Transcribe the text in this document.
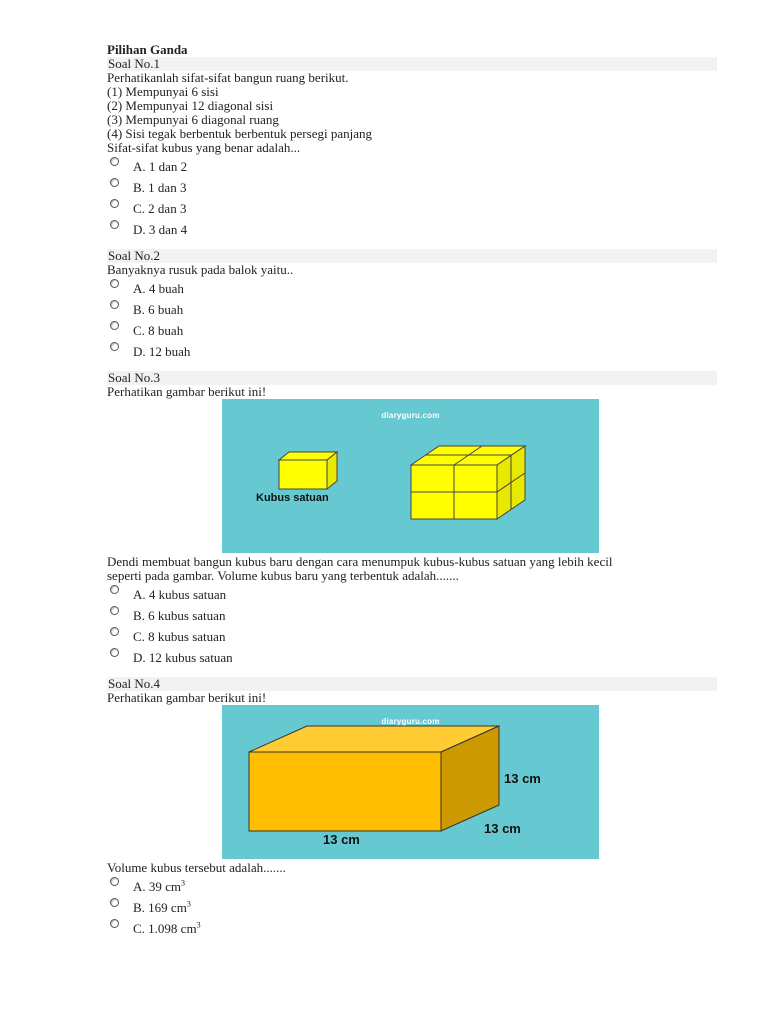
Pilihan Ganda
Soal No.1
Perhatikanlah sifat-sifat bangun ruang berikut.
(1) Mempunyai 6 sisi
(2) Mempunyai 12 diagonal sisi
(3) Mempunyai 6 diagonal ruang
(4) Sisi tegak berbentuk berbentuk persegi panjang
Sifat-sifat kubus yang benar adalah...
A. 1 dan 2
B. 1 dan 3
C. 2 dan 3
D. 3 dan 4
Soal No.2
Banyaknya rusuk pada balok yaitu..
A. 4 buah
B. 6 buah
C. 8 buah
D. 12 buah
Soal No.3
Perhatikan gambar berikut ini!
diaryguru.com
Kubus satuan
Dendi membuat bangun kubus baru dengan cara menumpuk kubus-kubus satuan yang lebih kecil
seperti pada gambar. Volume kubus baru yang terbentuk adalah.......
A. 4 kubus satuan
B. 6 kubus satuan
C. 8 kubus satuan
D. 12 kubus satuan
Soal No.4
Perhatikan gambar berikut ini!
diaryguru.com
13 cm
13 cm
13 cm
Volume kubus tersebut adalah.......
A. 39 $cm^3$
B. 169 $cm^3$
C. 1.098 $cm^3$
